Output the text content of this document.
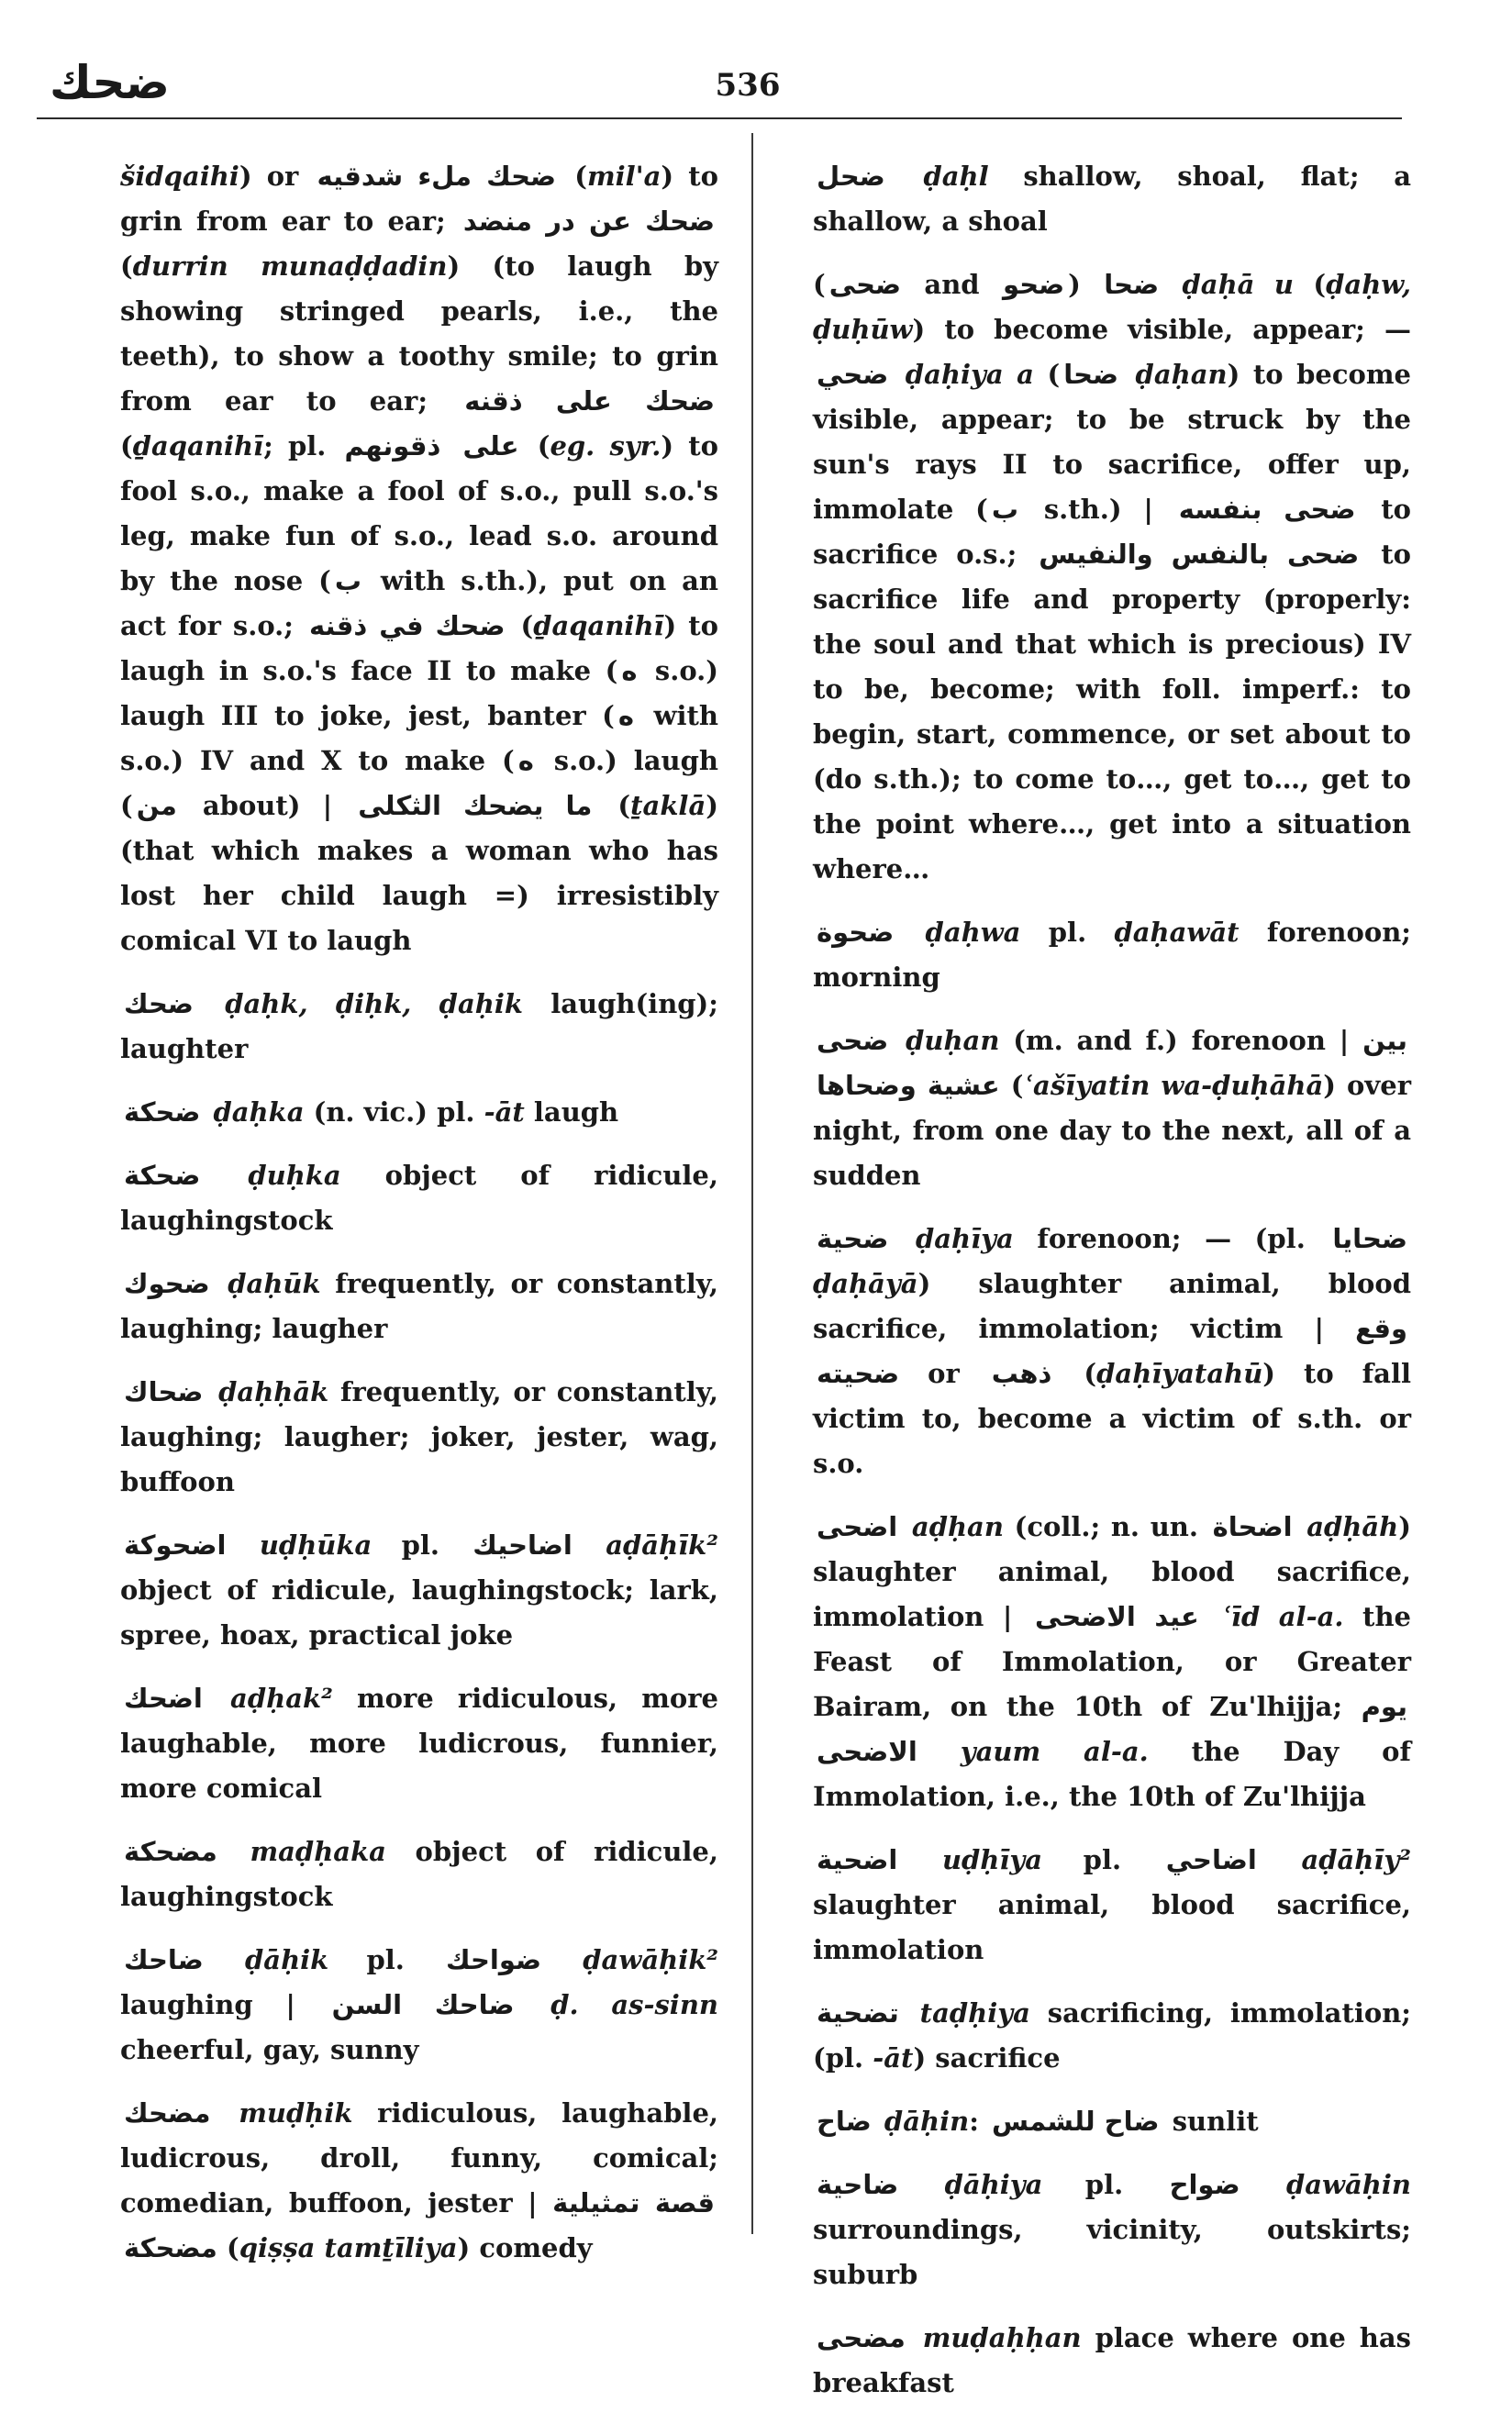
ضحك	536

šidqaihi) or ضحك ملء شدقيه (mil'a) to grin from ear to ear; ضحك عن در منضد (durrin munaḍḍadin) (to laugh by showing stringed pearls, i.e., the teeth), to show a toothy smile; to grin from ear to ear; ضحك على ذقنه (ḏaqanihī; pl. ذقونهم على (eg. syr.) to fool s.o., make a fool of s.o., pull s.o.'s leg, make fun of s.o., lead s.o. around by the nose ( ب with s.th.), put on an act for s.o.; ضحك في ذقنه (ḏaqanihī) to laugh in s.o.'s face II to make ( ه s.o.) laugh III to joke, jest, banter ( ه with s.o.) IV and X to make ( ه s.o.) laugh ( من about) | ما يضحك الثكلى (ṯaklā) (that which makes a woman who has lost her child laugh =) irresistibly comical VI to laugh

ضحك ḍaḥk, ḍiḥk, ḍaḥik laugh(ing); laughter

ضحكة ḍaḥka (n. vic.) pl. -āt laugh

ضحكة ḍuḥka object of ridicule, laughingstock

ضحوك ḍaḥūk frequently, or constantly, laughing; laugher

ضحاك ḍaḥḥāk frequently, or constantly, laughing; laugher; joker, jester, wag, buffoon

اضحوكة uḍḥūka pl. اضاحيك aḍāḥīk² object of ridicule, laughingstock; lark, spree, hoax, practical joke

اضحك aḍḥak² more ridiculous, more laughable, more ludicrous, funnier, more comical

مضحكة maḍḥaka object of ridicule, laughingstock

ضاحك ḍāḥik pl. ضواحك ḍawāḥik² laughing | ضاحك السن ḍ. as-sinn cheerful, gay, sunny

مضحك muḍḥik ridiculous, laughable, ludicrous, droll, funny, comical; comedian, buffoon, jester | قصة تمثيلية مضحكة (qiṣṣa tamṯīliya) comedy

ضحل ḍaḥl shallow, shoal, flat; a shallow, a shoal

( ضحى and ضحو ) ضحا ḍaḥā u (ḍaḥw, ḍuḥūw) to become visible, appear; — ضحي ḍaḥiya a ( ضحا ḍaḥan) to become visible, appear; to be struck by the sun's rays II to sacrifice, offer up, immolate ( ب s.th.) | ضحى بنفسه to sacrifice o.s.; ضحى بالنفس والنفيس to sacrifice life and property (properly: the soul and that which is precious) IV to be, become; with foll. imperf.: to begin, start, commence, or set about to (do s.th.); to come to…, get to…, get to the point where…, get into a situation where…

ضحوة ḍaḥwa pl. ḍaḥawāt forenoon; morning

ضحى ḍuḥan (m. and f.) forenoon | بين عشية وضحاها (ʿašīyatin wa-ḍuḥāhā) over night, from one day to the next, all of a sudden

ضحية ḍaḥīya forenoon; — (pl. ضحايا ḍaḥāyā) slaughter animal, blood sacrifice, immolation; victim | وقع ضحيته or ذهب (ḍaḥīyatahū) to fall victim to, become a victim of s.th. or s.o.

اضحى aḍḥan (coll.; n. un. اضحاة aḍḥāh) slaughter animal, blood sacrifice, immolation | عيد الاضحى ʿīd al-a. the Feast of Immolation, or Greater Bairam, on the 10th of Zu'lhijja; يوم الاضحى yaum al-a. the Day of Immolation, i.e., the 10th of Zu'lhijja

اضحية uḍḥīya pl. اضاحي aḍāḥīy² slaughter animal, blood sacrifice, immolation

تضحية taḍḥiya sacrificing, immolation; (pl. -āt) sacrifice

ضاح ḍāḥin: ضاح للشمس sunlit

ضاحية ḍāḥiya pl. ضواح ḍawāḥin surroundings, vicinity, outskirts; suburb

مضحى muḍaḥḥan place where one has breakfast
